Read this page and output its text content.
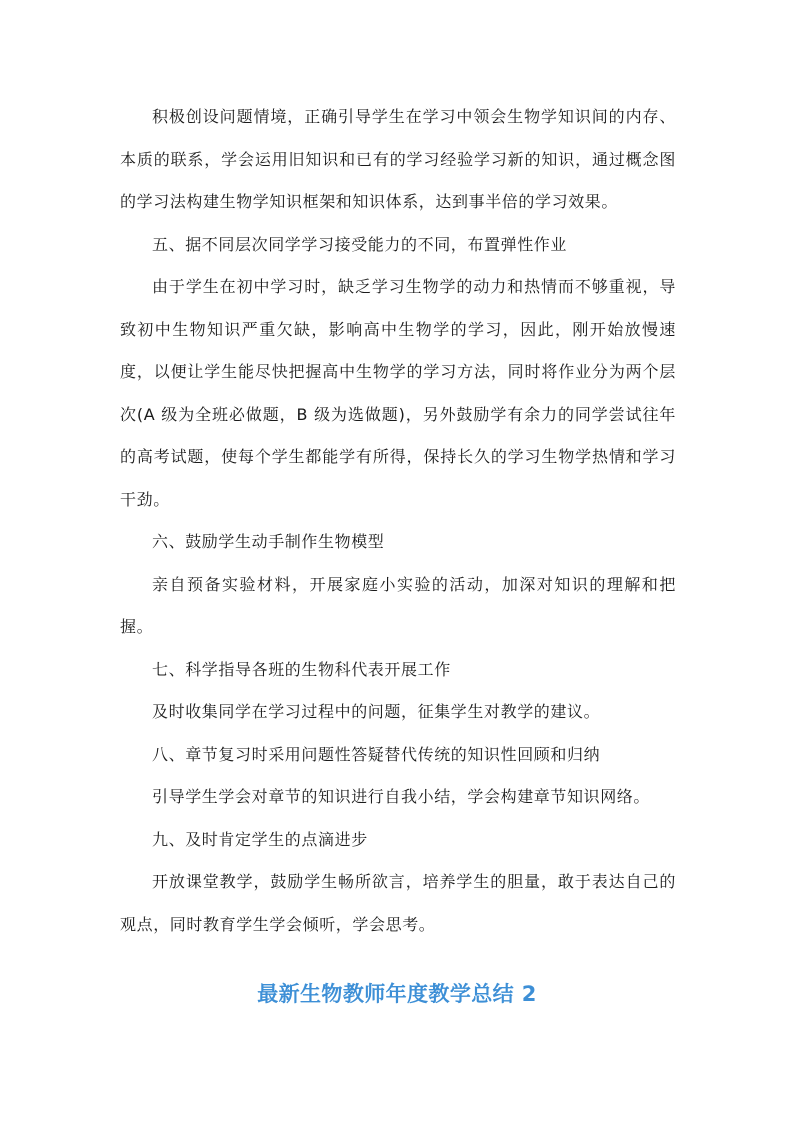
积极创设问题情境，正确引导学生在学习中领会生物学知识间的内存、本质的联系，学会运用旧知识和已有的学习经验学习新的知识，通过概念图的学习法构建生物学知识框架和知识体系，达到事半倍的学习效果。

五、据不同层次同学学习接受能力的不同，布置弹性作业

由于学生在初中学习时，缺乏学习生物学的动力和热情而不够重视，导致初中生物知识严重欠缺，影响高中生物学的学习，因此，刚开始放慢速度，以便让学生能尽快把握高中生物学的学习方法，同时将作业分为两个层次(A 级为全班必做题，B 级为选做题)，另外鼓励学有余力的同学尝试往年的高考试题，使每个学生都能学有所得，保持长久的学习生物学热情和学习干劲。

六、鼓励学生动手制作生物模型

亲自预备实验材料，开展家庭小实验的活动，加深对知识的理解和把握。

七、科学指导各班的生物科代表开展工作

及时收集同学在学习过程中的问题，征集学生对教学的建议。

八、章节复习时采用问题性答疑替代传统的知识性回顾和归纳

引导学生学会对章节的知识进行自我小结，学会构建章节知识网络。

九、及时肯定学生的点滴进步

开放课堂教学，鼓励学生畅所欲言，培养学生的胆量，敢于表达自己的观点，同时教育学生学会倾听，学会思考。

最新生物教师年度教学总结 2
